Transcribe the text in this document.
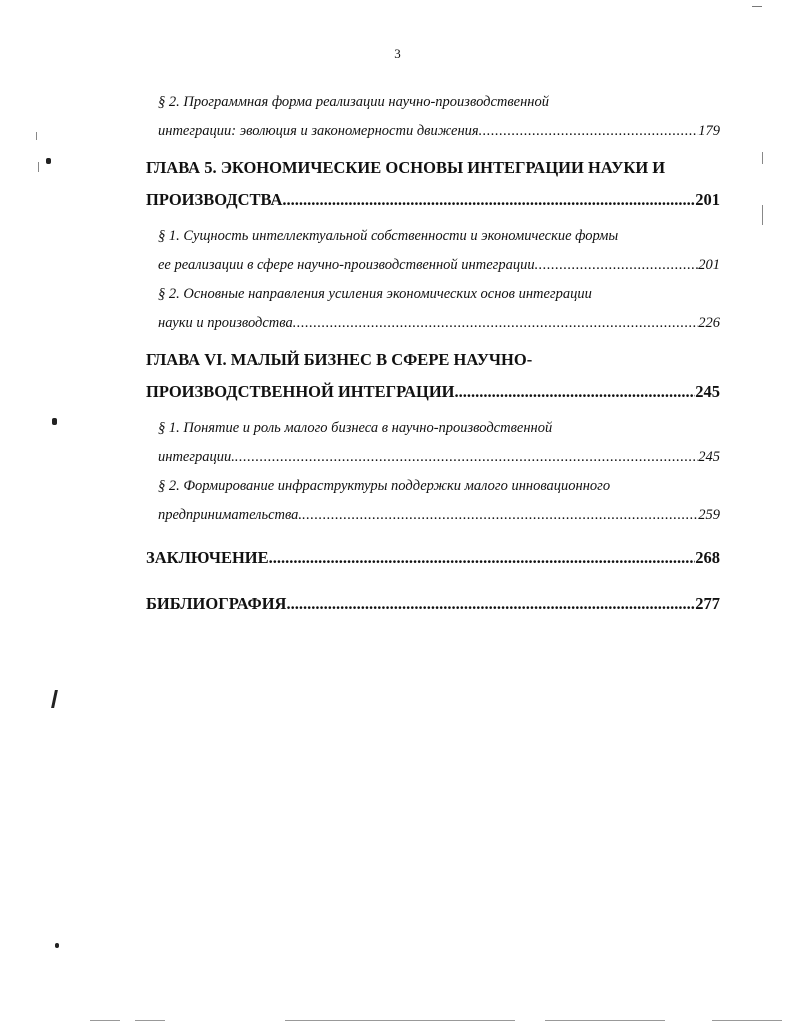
3
§ 2. Программная форма реализации научно-производственной
интеграции: эволюция и закономерности движения .....	179
ГЛАВА 5. ЭКОНОМИЧЕСКИЕ ОСНОВЫ ИНТЕГРАЦИИ НАУКИ И
ПРОИЗВОДСТВА .....	201
§ 1. Сущность интеллектуальной собственности и экономические формы
ее реализации в сфере научно-производственной интеграции .....	201
§ 2. Основные направления усиления экономических основ интеграции
науки и производства .....	226
ГЛАВА VI. МАЛЫЙ БИЗНЕС В СФЕРЕ НАУЧНО-
ПРОИЗВОДСТВЕННОЙ ИНТЕГРАЦИИ. .....	245
§ 1. Понятие и роль малого бизнеса в научно-производственной
интеграции. .....	245
§ 2. Формирование инфраструктуры поддержки малого инновационного
предпринимательства. .....	259
ЗАКЛЮЧЕНИЕ .....	268
БИБЛИОГРАФИЯ .....	277
